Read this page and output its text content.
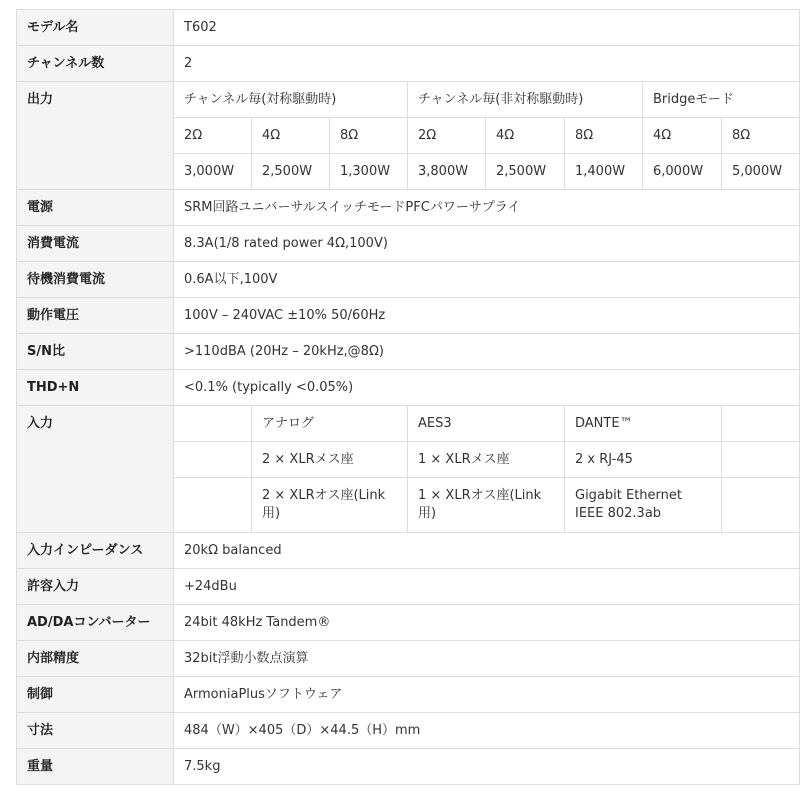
モデル名	T602							
チャンネル数	2							
出力	チャンネル毎(対称駆動時)			チャンネル毎(非対称駆動時)			Bridgeモード	
	2Ω	4Ω	8Ω	2Ω	4Ω	8Ω	4Ω	8Ω
	3,000W	2,500W	1,300W	3,800W	2,500W	1,400W	6,000W	5,000W
電源	SRM回路ユニバーサルスイッチモードPFCパワーサプライ							
消費電流	8.3A(1/8 rated power 4Ω,100V)							
待機消費電流	0.6A以下,100V							
動作電圧	100V – 240VAC ±10% 50/60Hz							
S/N比	>110dBA (20Hz – 20kHz,@8Ω)							
THD+N	<0.1% (typically <0.05%)							
入力		アナログ		AES3		DANTE™		
		2 × XLRメス座		1 × XLRメス座		2 x RJ-45		
		2 × XLRオス座(Link用)		1 × XLRオス座(Link用)		Gigabit Ethernet
IEEE 802.3ab		

入力インピーダンス	20kΩ balanced							
許容入力	+24dBu							
AD/DAコンバーター	24bit 48kHz Tandem®							
内部精度	32bit浮動小数点演算							
制御	ArmoniaPlusソフトウェア							
寸法	484（W）×405（D）×44.5（H）mm							
重量	7.5kg							
